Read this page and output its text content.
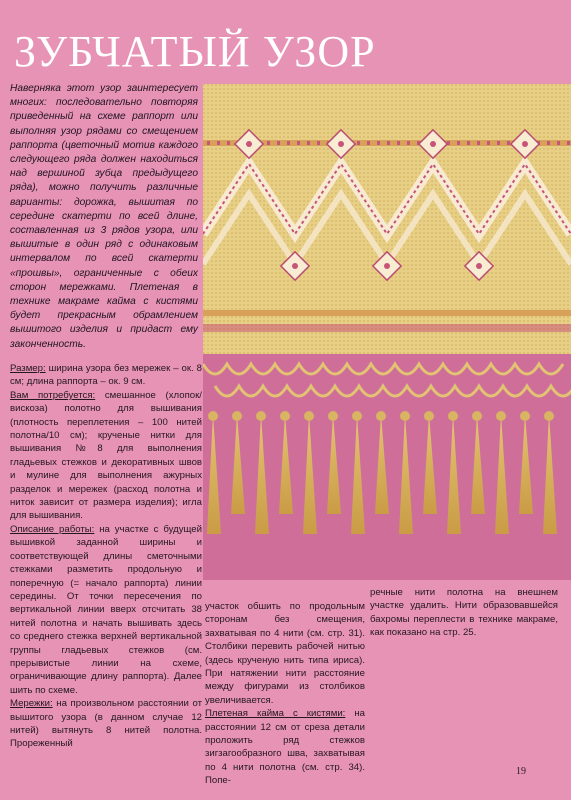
ЗУБЧАТЫЙ УЗОР

Наверняка этот узор заинтересует многих: последовательно повторяя приведенный на схеме раппорт или выполняя узор рядами со смещением раппорта (цветочный мотив каждого следующего ряда должен находиться над вершиной зубца предыдущего ряда), можно получить различные варианты: дорожка, вышитая по середине скатерти по всей длине, составленная из 3 рядов узора, или вышитые в один ряд с одинаковым интервалом по всей скатерти «прошвы», ограниченные с обеих сторон мережками. Плетеная в технике макраме кайма с кистями будет прекрасным обрамлением вышитого изделия и придаст ему законченность.

Размер: ширина узора без мережек – ок. 8 см; длина раппорта – ок. 9 см.

Вам потребуется: смешанное (хлопок/вискоза) полотно для вышивания (плотность переплетения – 100 нитей полотна/10 см); крученые нитки для вышивания №8 для выполнения гладьевых стежков и декоративных швов и мулине для выполнения ажурных разделок и мережек (расход полотна и ниток зависит от размера изделия); игла для вышивания.

Описание работы: на участке с будущей вышивкой заданной ширины и соответствующей длины сметочными стежками разметить продольную и поперечную (= начало раппорта) линии середины. От точки пересечения по вертикальной линии вверх отсчитать 38 нитей полотна и начать вышивать здесь со среднего стежка верхней вертикальной группы гладьевых стежков (см. прерывистые линии на схеме, ограничивающие длину раппорта). Далее шить по схеме.

Мережки: на произвольном расстоянии от вышитого узора (в данном случае 12 нитей) вытянуть 8 нитей полотна. Прореженный

участок обшить по продольным сторонам без смещения, захватывая по 4 нити (см. стр. 31). Столбики перевить рабочей нитью (здесь крученую нить типа ириса). При натяжении нити расстояние между фигурами из столбиков увеличивается.

Плетеная кайма с кистями: на расстоянии 12 см от среза детали проложить ряд стежков зигзагообразного шва, захватывая по 4 нити полотна (см. стр. 34). Попе-

речные нити полотна на внешнем участке удалить. Нити образовавшейся бахромы переплести в технике макраме, как показано на стр. 25.

19
